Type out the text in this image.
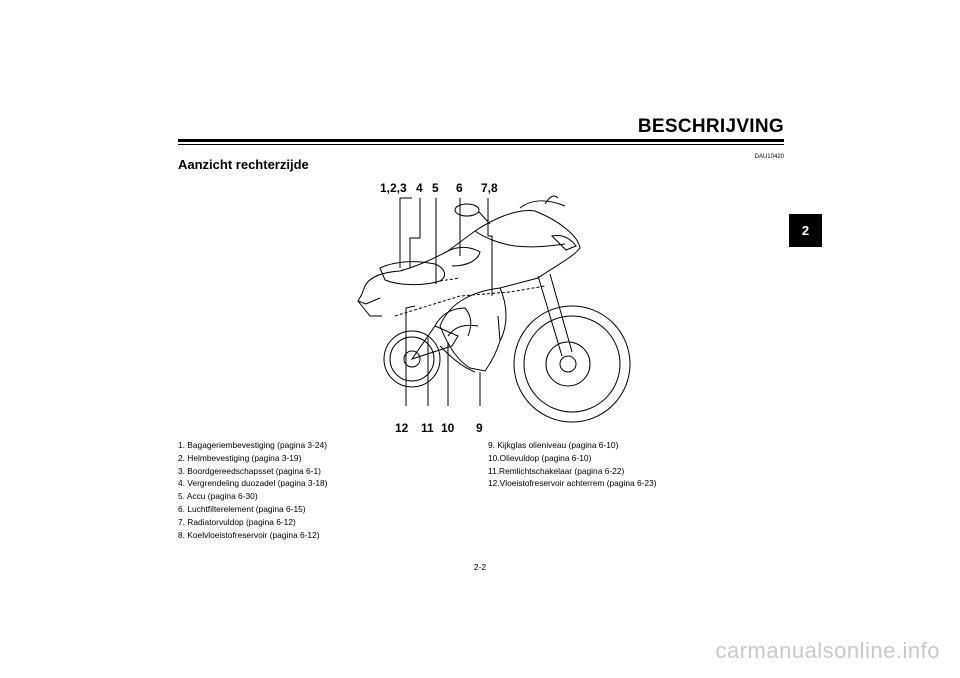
BESCHRIJVING
DAU10420
Aanzicht rechterzijde
2
1,2,3 4 5 6 7,8
12 11 10 9
1. Bagageriembevestiging (pagina 3-24)
2. Helmbevestiging (pagina 3-19)
3. Boordgereedschapsset (pagina 6-1)
4. Vergrendeling duozadel (pagina 3-18)
5. Accu (pagina 6-30)
6. Luchtfilterelement (pagina 6-15)
7. Radiatorvuldop (pagina 6-12)
8. Koelvloeistofreservoir (pagina 6-12)
9. Kijkglas olieniveau (pagina 6-10)
10.Olievuldop (pagina 6-10)
11.Remlichtschakelaar (pagina 6-22)
12.Vloeistofreservoir achterrem (pagina 6-23)
2-2
carmanualsonline.info
